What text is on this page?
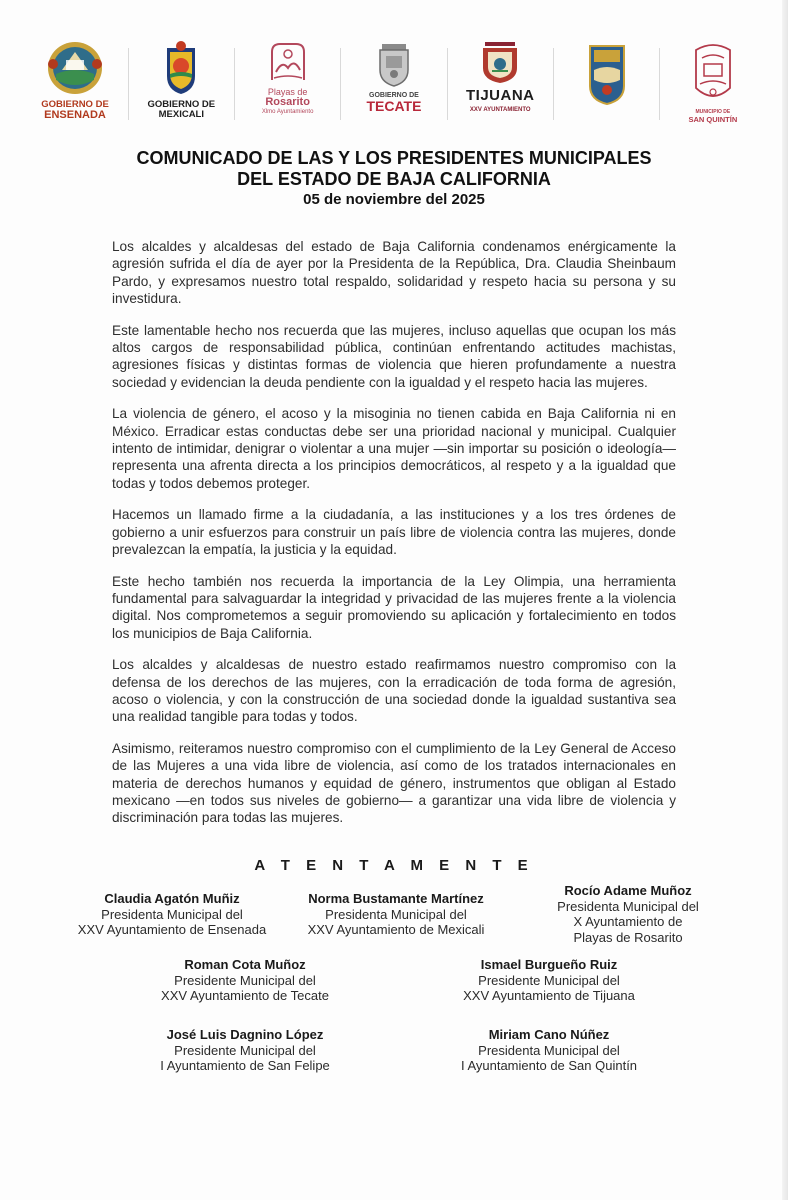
GOBIERNO DE
ENSENADA
GOBIERNO DE
MEXICALI
Playas de
Rosarito
Xlmo Ayuntamiento
GOBIERNO DE
TECATE
TIJUANA
XXV AYUNTAMIENTO	MUNICIPIO DE
SAN QUINTÍN
COMUNICADO DE LAS Y LOS PRESIDENTES MUNICIPALES
DEL ESTADO DE BAJA CALIFORNIA
05 de noviembre del 2025

Los alcaldes y alcaldesas del estado de Baja California condenamos enérgicamente la agresión sufrida el día de ayer por la Presidenta de la República, Dra. Claudia Sheinbaum Pardo, y expresamos nuestro total respaldo, solidaridad y respeto hacia su persona y su investidura.

Este lamentable hecho nos recuerda que las mujeres, incluso aquellas que ocupan los más altos cargos de responsabilidad pública, continúan enfrentando actitudes machistas, agresiones físicas y distintas formas de violencia que hieren profundamente a nuestra sociedad y evidencian la deuda pendiente con la igualdad y el respeto hacia las mujeres.

La violencia de género, el acoso y la misoginia no tienen cabida en Baja California ni en México. Erradicar estas conductas debe ser una prioridad nacional y municipal. Cualquier intento de intimidar, denigrar o violentar a una mujer —sin importar su posición o ideología— representa una afrenta directa a los principios democráticos, al respeto y a la igualdad que todas y todos debemos proteger.

Hacemos un llamado firme a la ciudadanía, a las instituciones y a los tres órdenes de gobierno a unir esfuerzos para construir un país libre de violencia contra las mujeres, donde prevalezcan la empatía, la justicia y la equidad.

Este hecho también nos recuerda la importancia de la Ley Olimpia, una herramienta fundamental para salvaguardar la integridad y privacidad de las mujeres frente a la violencia digital. Nos comprometemos a seguir promoviendo su aplicación y fortalecimiento en todos los municipios de Baja California.

Los alcaldes y alcaldesas de nuestro estado reafirmamos nuestro compromiso con la defensa de los derechos de las mujeres, con la erradicación de toda forma de agresión, acoso o violencia, y con la construcción de una sociedad donde la igualdad sustantiva sea una realidad tangible para todas y todos.

Asimismo, reiteramos nuestro compromiso con el cumplimiento de la Ley General de Acceso de las Mujeres a una vida libre de violencia, así como de los tratados internacionales en materia de derechos humanos y equidad de género, instrumentos que obligan al Estado mexicano —en todos sus niveles de gobierno— a garantizar una vida libre de violencia y discriminación para todas las mujeres.

A T E N T A M E N T E
Claudia Agatón Muñiz
Presidenta Municipal del
XXV Ayuntamiento de Ensenada
Norma Bustamante Martínez
Presidenta Municipal del
XXV Ayuntamiento de Mexicali
Rocío Adame Muñoz
Presidenta Municipal del
X Ayuntamiento de
Playas de Rosarito
Roman Cota Muñoz
Presidente Municipal del
XXV Ayuntamiento de Tecate
Ismael Burgueño Ruiz
Presidente Municipal del
XXV Ayuntamiento de Tijuana
José Luis Dagnino López
Presidente Municipal del
I Ayuntamiento de San Felipe
Miriam Cano Núñez
Presidenta Municipal del
I Ayuntamiento de San Quintín
